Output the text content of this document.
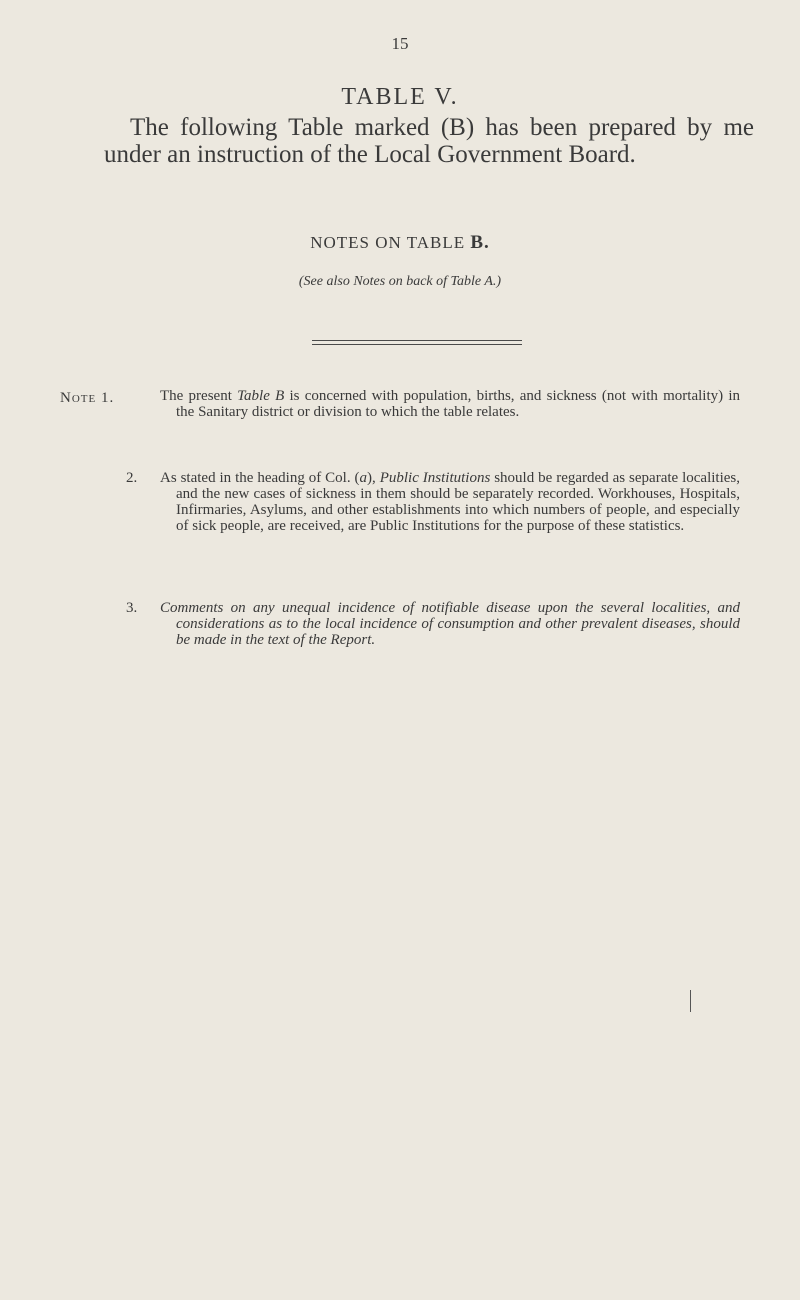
15
TABLE V.
The following Table marked (B) has been prepared by me under an instruction of the Local Government Board.
NOTES ON TABLE B.
(See also Notes on back of Table A.)
Note 1.	The present Table B is concerned with population, births, and sickness (not with mortality) in the Sanitary district or division to which the table relates.

2. As stated in the heading of Col. (a), Public Institutions should be regarded as separate localities, and the new cases of sickness in them should be separately recorded. Workhouses, Hospitals, Infirmaries, Asylums, and other establishments into which numbers of people, and especially of sick people, are received, are Public Institutions for the purpose of these statistics.

3. Comments on any unequal incidence of notifiable disease upon the several localities, and considerations as to the local incidence of consumption and other prevalent diseases, should be made in the text of the Report.
